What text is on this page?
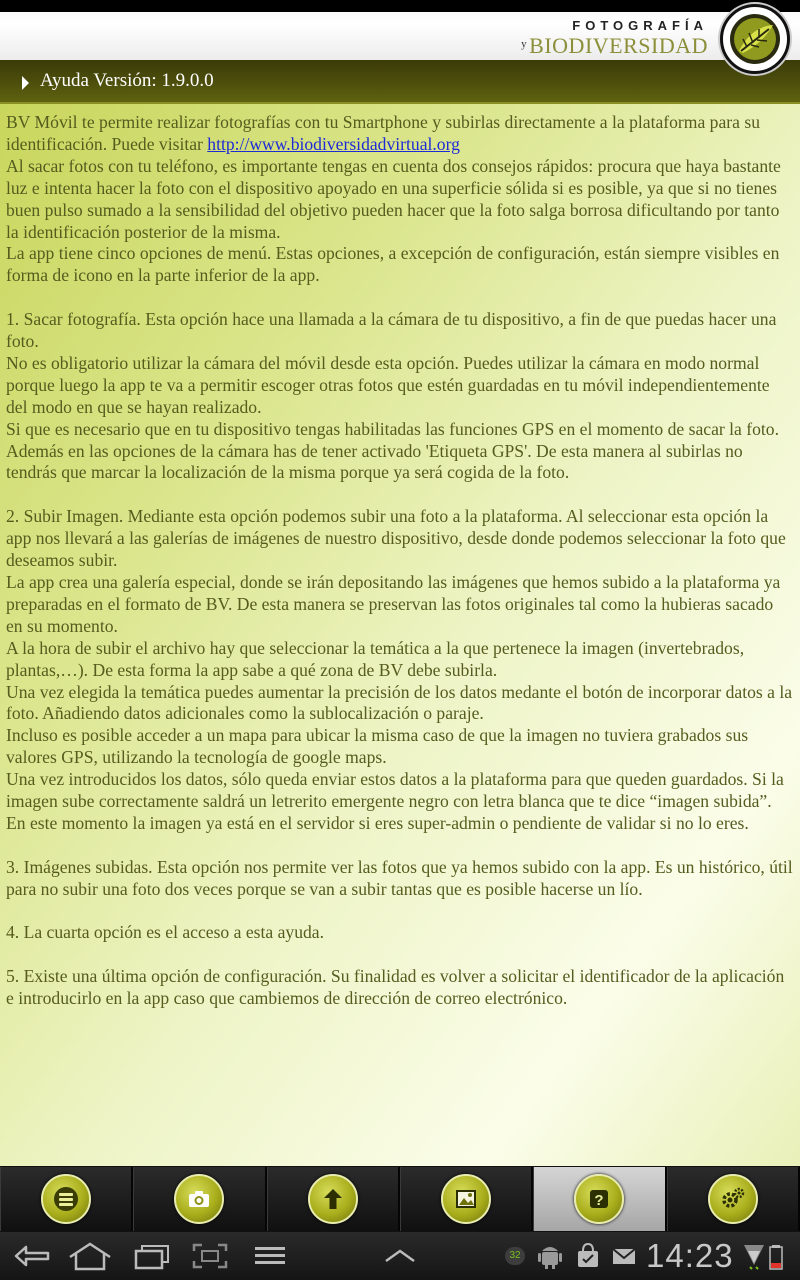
FOTOGRAFÍA
$^y$BIODIVERSIDAD
Ayuda Versión: 1.9.0.0

BV Móvil te permite realizar fotografías con tu Smartphone y subirlas directamente a la plataforma para su identificación. Puede visitar http://www.biodiversidadvirtual.org

Al sacar fotos con tu teléfono, es importante tengas en cuenta dos consejos rápidos: procura que haya bastante luz e intenta hacer la foto con el dispositivo apoyado en una superficie sólida si es posible, ya que si no tienes buen pulso sumado a la sensibilidad del objetivo pueden hacer que la foto salga borrosa dificultando por tanto la identificación posterior de la misma.

La app tiene cinco opciones de menú. Estas opciones, a excepción de configuración, están siempre visibles en forma de icono en la parte inferior de la app.

1. Sacar fotografía. Esta opción hace una llamada a la cámara de tu dispositivo, a fin de que puedas hacer una foto.

No es obligatorio utilizar la cámara del móvil desde esta opción. Puedes utilizar la cámara en modo normal porque luego la app te va a permitir escoger otras fotos que estén guardadas en tu móvil independientemente del modo en que se hayan realizado.

Si que es necesario que en tu dispositivo tengas habilitadas las funciones GPS en el momento de sacar la foto. Además en las opciones de la cámara has de tener activado 'Etiqueta GPS'. De esta manera al subirlas no tendrás que marcar la localización de la misma porque ya será cogida de la foto.

2. Subir Imagen. Mediante esta opción podemos subir una foto a la plataforma. Al seleccionar esta opción la app nos llevará a las galerías de imágenes de nuestro dispositivo, desde donde podemos seleccionar la foto que deseamos subir.

La app crea una galería especial, donde se irán depositando las imágenes que hemos subido a la plataforma ya preparadas en el formato de BV. De esta manera se preservan las fotos originales tal como la hubieras sacado en su momento.

A la hora de subir el archivo hay que seleccionar la temática a la que pertenece la imagen (invertebrados, plantas,…). De esta forma la app sabe a qué zona de BV debe subirla.

Una vez elegida la temática puedes aumentar la precisión de los datos medante el botón de incorporar datos a la foto. Añadiendo datos adicionales como la sublocalización o paraje.

Incluso es posible acceder a un mapa para ubicar la misma caso de que la imagen no tuviera grabados sus valores GPS, utilizando la tecnología de google maps.

Una vez introducidos los datos, sólo queda enviar estos datos a la plataforma para que queden guardados. Si la imagen sube correctamente saldrá un letrerito emergente negro con letra blanca que te dice “imagen subida”. En este momento la imagen ya está en el servidor si eres super-admin o pendiente de validar si no lo eres.

3. Imágenes subidas. Esta opción nos permite ver las fotos que ya hemos subido con la app. Es un histórico, útil para no subir una foto dos veces porque se van a subir tantas que es posible hacerse un lío.

4. La cuarta opción es el acceso a esta ayuda.

5. Existe una última opción de configuración. Su finalidad es volver a solicitar el identificador de la aplicación e introducirlo en la app caso que cambiemos de dirección de correo electrónico.

?
32	14:23
